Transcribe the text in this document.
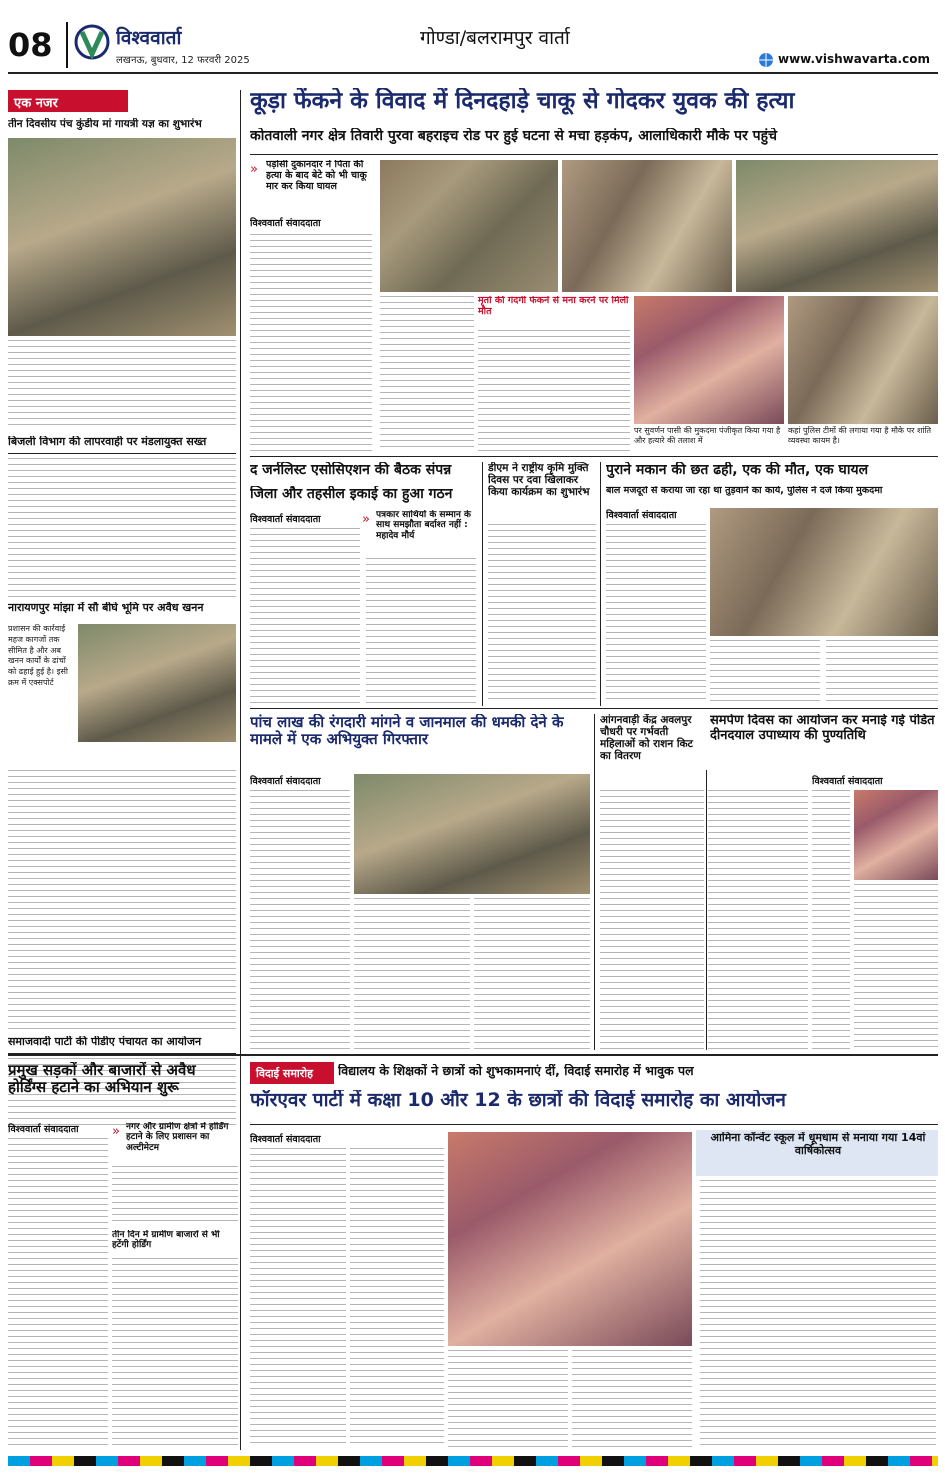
08	विश्ववार्ता
लखनऊ, बुधवार, 12 फरवरी 2025
गोण्डा/बलरामपुर वार्ता
www.vishwavarta.com
एक नजर
तीन दिवसीय पंच कुंडीय मां गायत्री यज्ञ का शुभारंभ
बिजली विभाग की लापरवाही पर मंडलायुक्त सख्त
नारायणपुर मांझा में सौ बीघे भूमि पर अवैध खनन
प्रशासन की कार्रवाई महज कागजों तक सीमित है और अब खनन कार्यों के ढांचों को ढहाई हुई है। इसी क्रम में एक्सपोर्ट
समाजवादी पार्टी की पीडीए पंचायत का आयोजन
कूड़ा फेंकने के विवाद में दिनदहाड़े चाकू से गोदकर युवक की हत्या
कोतवाली नगर क्षेत्र तिवारी पुरवा बहराइच रोड पर हुई घटना से मचा हड़कंप, आलाधिकारी मौके पर पहुंचे
» पड़ोसी दुकानदार ने पिता की हत्या के बाद बेटे को भी चाकू मार कर किया घायल
विश्ववार्ता संवाददाता
मृतों की गंदगी फेंकने से मना करने पर मिली मौत
पर सुवर्णन पासी की मुकदमा पंजीकृत किया गया है और हत्यारे की तलाश में
कहां पुलिस टीमों की लगाया गया है मौके पर शांति व्यवस्था कायम है।
द जर्नलिस्ट एसोसिएशन की बैठक संपन्न
जिला और तहसील इकाई का हुआ गठन
विश्ववार्ता संवाददाता	» पत्रकार साथियों के सम्मान के साथ समझौता बर्दाश्त नहीं : महादेव मौर्य
डीएम ने राष्ट्रीय कृमि मुक्ति दिवस पर दवा खिलाकर किया कार्यक्रम का शुभारंभ
पुराने मकान की छत ढही, एक की मौत, एक घायल
बाल मजदूरों से कराया जा रहा था तुड़वाने का कार्य, पुलिस ने दर्ज किया मुकदमा
विश्ववार्ता संवाददाता
पांच लाख की रंगदारी मांगने व जानमाल की धमकी देने के मामले में एक अभियुक्त गिरफ्तार
विश्ववार्ता संवाददाता
आंगनवाड़ी केंद्र अवलपुर चौधरी पर गर्भवती महिलाओं को राशन किट का वितरण
समर्पण दिवस का आयोजन कर मनाई गई पंडित दीनदयाल उपाध्याय की पुण्यतिथि
विश्ववार्ता संवाददाता
प्रमुख सड़कों और बाजारों से अवैध होर्डिंग्स हटाने का अभियान शुरू
विश्ववार्ता संवाददाता	» नगर और ग्रामीण क्षेत्रों में होर्डिंग हटाने के लिए प्रशासन का अल्टीमेटम
तीन दिन में ग्रामीण बाजारों से भी हटेंगी होर्डिंग
विदाई समारोह	विद्यालय के शिक्षकों ने छात्रों को शुभकामनाएं दीं, विदाई समारोह में भावुक पल
फॉरएवर पार्टी में कक्षा 10 और 12 के छात्रों की विदाई समारोह का आयोजन
विश्ववार्ता संवाददाता	आमिना कॉन्वेंट स्कूल में धूमधाम से मनाया गया 14वां वार्षिकोत्सव
